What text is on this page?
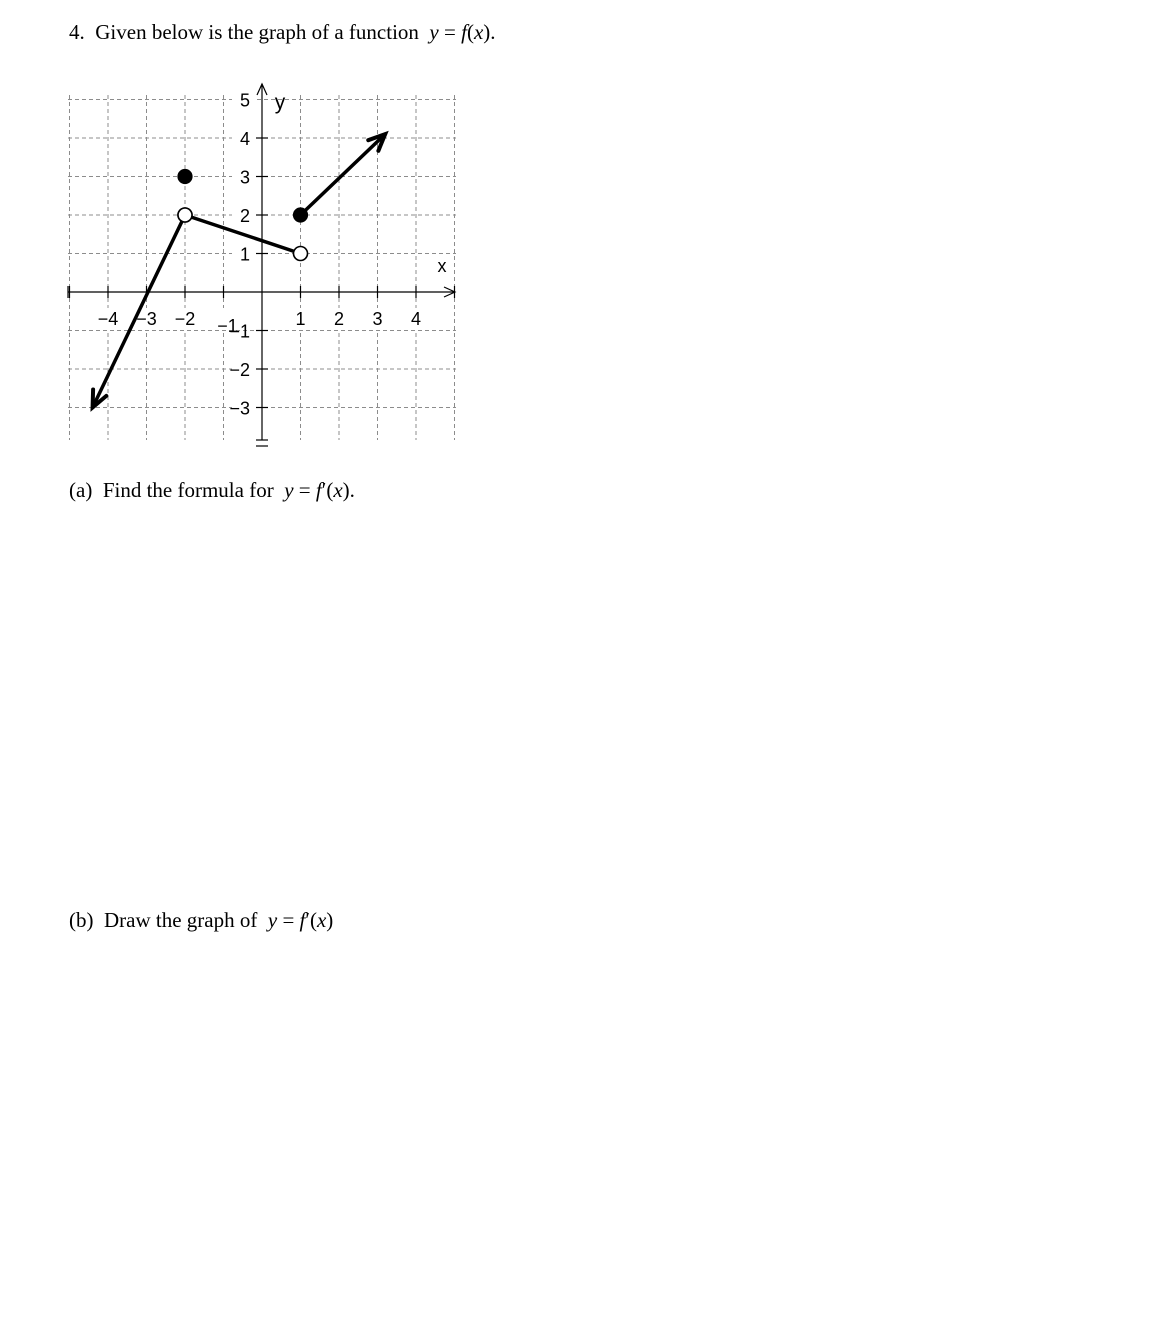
4. Given below is the graph of a function y = f(x).
−4 −3 −2 −1	1 2 3 4
5
4
3
2
1
−2
−3
x
y
−1
(a) Find the formula for y = f′(x).
(b) Draw the graph of y = f′(x)
